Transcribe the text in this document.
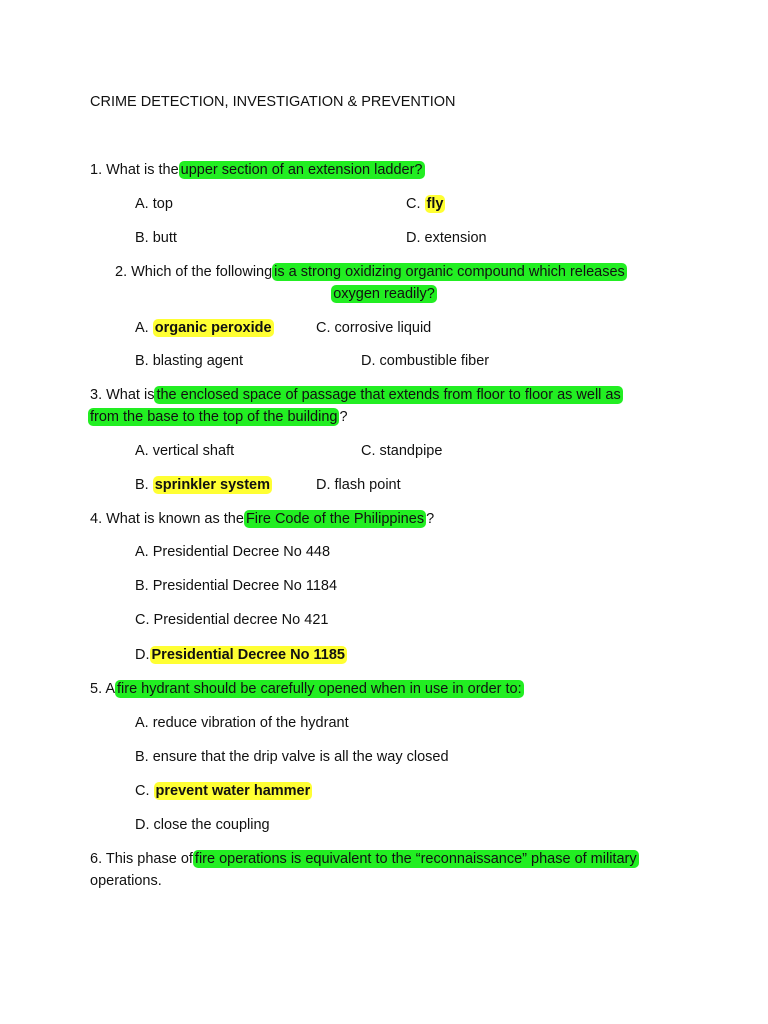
CRIME DETECTION, INVESTIGATION & PREVENTION
1. What is the upper section of an extension ladder?
A. top	C. fly
B. butt	D. extension
2. Which of the following is a strong oxidizing organic compound which releases
oxygen readily?
A. organic peroxide	C. corrosive liquid
B. blasting agent	D. combustible fiber
3. What is the enclosed space of passage that extends from floor to floor as well as
from the base to the top of the building ?
A. vertical shaft	C. standpipe
B. sprinkler system	D. flash point
4. What is known as the Fire Code of the Philippines ?
A. Presidential Decree No 448
B. Presidential Decree No 1184
C. Presidential decree No 421
D. Presidential Decree No 1185
5. A fire hydrant should be carefully opened when in use in order to:
A. reduce vibration of the hydrant
B. ensure that the drip valve is all the way closed
C. prevent water hammer
D. close the coupling
6. This phase of fire operations is equivalent to the “reconnaissance” phase of military
operations.
